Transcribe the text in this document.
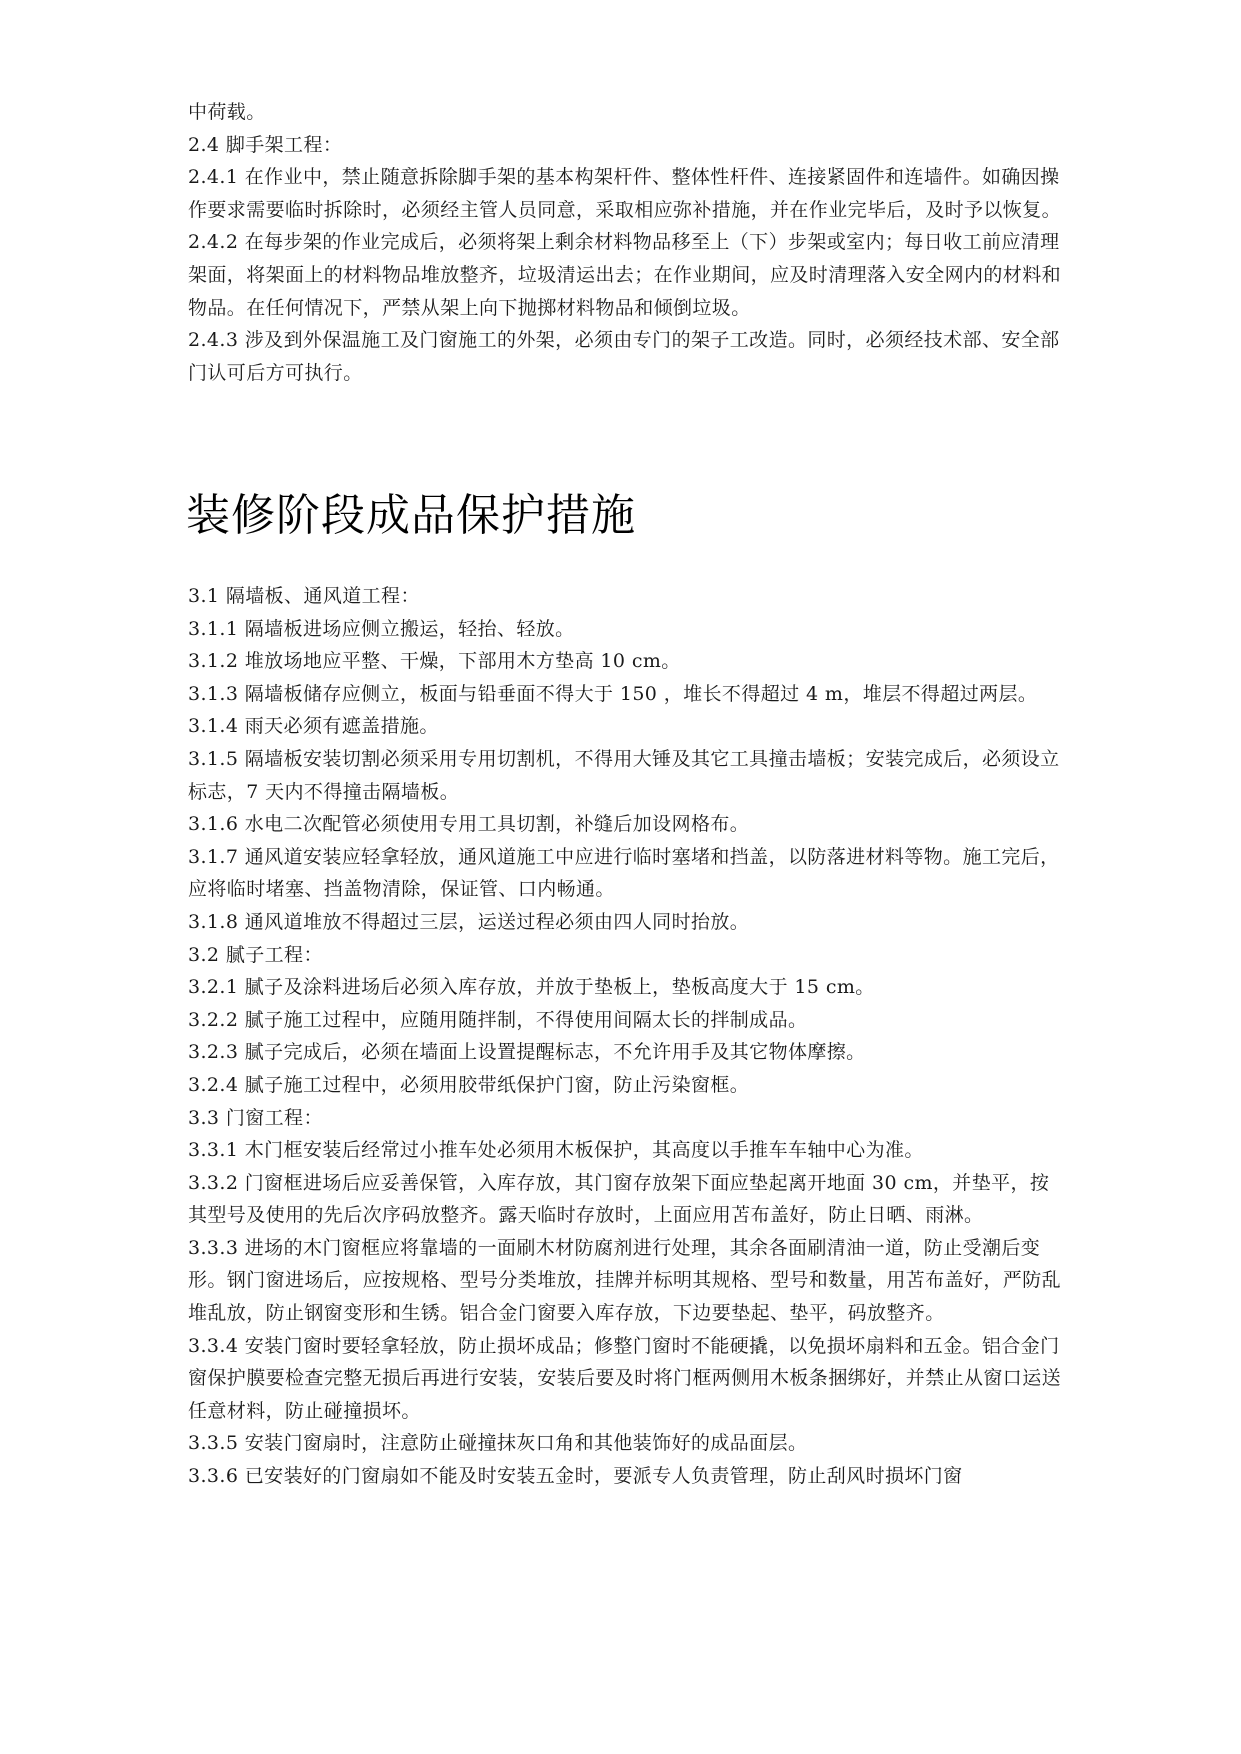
中荷载。

2.4 脚手架工程：

2.4.1 在作业中，禁止随意拆除脚手架的基本构架杆件、整体性杆件、连接紧固件和连墙件。如确因操作要求需要临时拆除时，必须经主管人员同意，采取相应弥补措施，并在作业完毕后，及时予以恢复。

2.4.2 在每步架的作业完成后，必须将架上剩余材料物品移至上（下）步架或室内；每日收工前应清理架面，将架面上的材料物品堆放整齐，垃圾清运出去；在作业期间，应及时清理落入安全网内的材料和物品。在任何情况下，严禁从架上向下抛掷材料物品和倾倒垃圾。

2.4.3 涉及到外保温施工及门窗施工的外架，必须由专门的架子工改造。同时，必须经技术部、安全部门认可后方可执行。

装修阶段成品保护措施

3.1 隔墙板、通风道工程：

3.1.1 隔墙板进场应侧立搬运，轻抬、轻放。

3.1.2 堆放场地应平整、干燥，下部用木方垫高 10 cm。

3.1.3 隔墙板储存应侧立，板面与铅垂面不得大于 150 ，堆长不得超过 4 m，堆层不得超过两层。

3.1.4 雨天必须有遮盖措施。

3.1.5 隔墙板安装切割必须采用专用切割机，不得用大锤及其它工具撞击墙板；安装完成后，必须设立标志，7 天内不得撞击隔墙板。

3.1.6 水电二次配管必须使用专用工具切割，补缝后加设网格布。

3.1.7 通风道安装应轻拿轻放，通风道施工中应进行临时塞堵和挡盖，以防落进材料等物。施工完后，应将临时堵塞、挡盖物清除，保证管、口内畅通。

3.1.8 通风道堆放不得超过三层，运送过程必须由四人同时抬放。

3.2 腻子工程：

3.2.1 腻子及涂料进场后必须入库存放，并放于垫板上，垫板高度大于 15 cm。

3.2.2 腻子施工过程中，应随用随拌制，不得使用间隔太长的拌制成品。

3.2.3 腻子完成后，必须在墙面上设置提醒标志，不允许用手及其它物体摩擦。

3.2.4 腻子施工过程中，必须用胶带纸保护门窗，防止污染窗框。

3.3 门窗工程：

3.3.1 木门框安装后经常过小推车处必须用木板保护，其高度以手推车车轴中心为准。

3.3.2 门窗框进场后应妥善保管，入库存放，其门窗存放架下面应垫起离开地面 30 cm，并垫平，按其型号及使用的先后次序码放整齐。露天临时存放时，上面应用苫布盖好，防止日晒、雨淋。

3.3.3 进场的木门窗框应将靠墙的一面刷木材防腐剂进行处理，其余各面刷清油一道，防止受潮后变形。钢门窗进场后，应按规格、型号分类堆放，挂牌并标明其规格、型号和数量，用苫布盖好，严防乱堆乱放，防止钢窗变形和生锈。铝合金门窗要入库存放，下边要垫起、垫平，码放整齐。

3.3.4 安装门窗时要轻拿轻放，防止损坏成品；修整门窗时不能硬撬，以免损坏扇料和五金。铝合金门窗保护膜要检查完整无损后再进行安装，安装后要及时将门框两侧用木板条捆绑好，并禁止从窗口运送任意材料，防止碰撞损坏。

3.3.5 安装门窗扇时，注意防止碰撞抹灰口角和其他装饰好的成品面层。

3.3.6 已安装好的门窗扇如不能及时安装五金时，要派专人负责管理，防止刮风时损坏门窗
